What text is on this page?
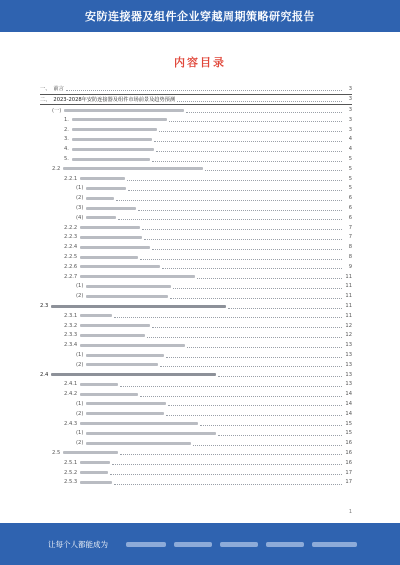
安防连接器及组件企业穿越周期策略研究报告
内容目录
一、 前言	3
二、 2023-2028年安防连接器及组件市场前景及趋势预测	3
(一)	3
1.	3
2.	3
3.	4
4.	4
5.	5
2.2	5
2.2.1	5
(1)	5
(2)	6
(3)	6
(4)	6
2.2.2	7
2.2.3	7
2.2.4	8
2.2.5	8
2.2.6	9
2.2.7	11
(1)	11
(2)	11
2.3	11
2.3.1	11
2.3.2	12
2.3.3	12
2.3.4	13
(1)	13
(2)	13
2.4	13
2.4.1	13
2.4.2	14
(1)	14
(2)	14
2.4.3	15
(1)	15
(2)	16
2.5	16
2.5.1	16
2.5.2	17
2.5.3	17
1
让每个人都能成为
